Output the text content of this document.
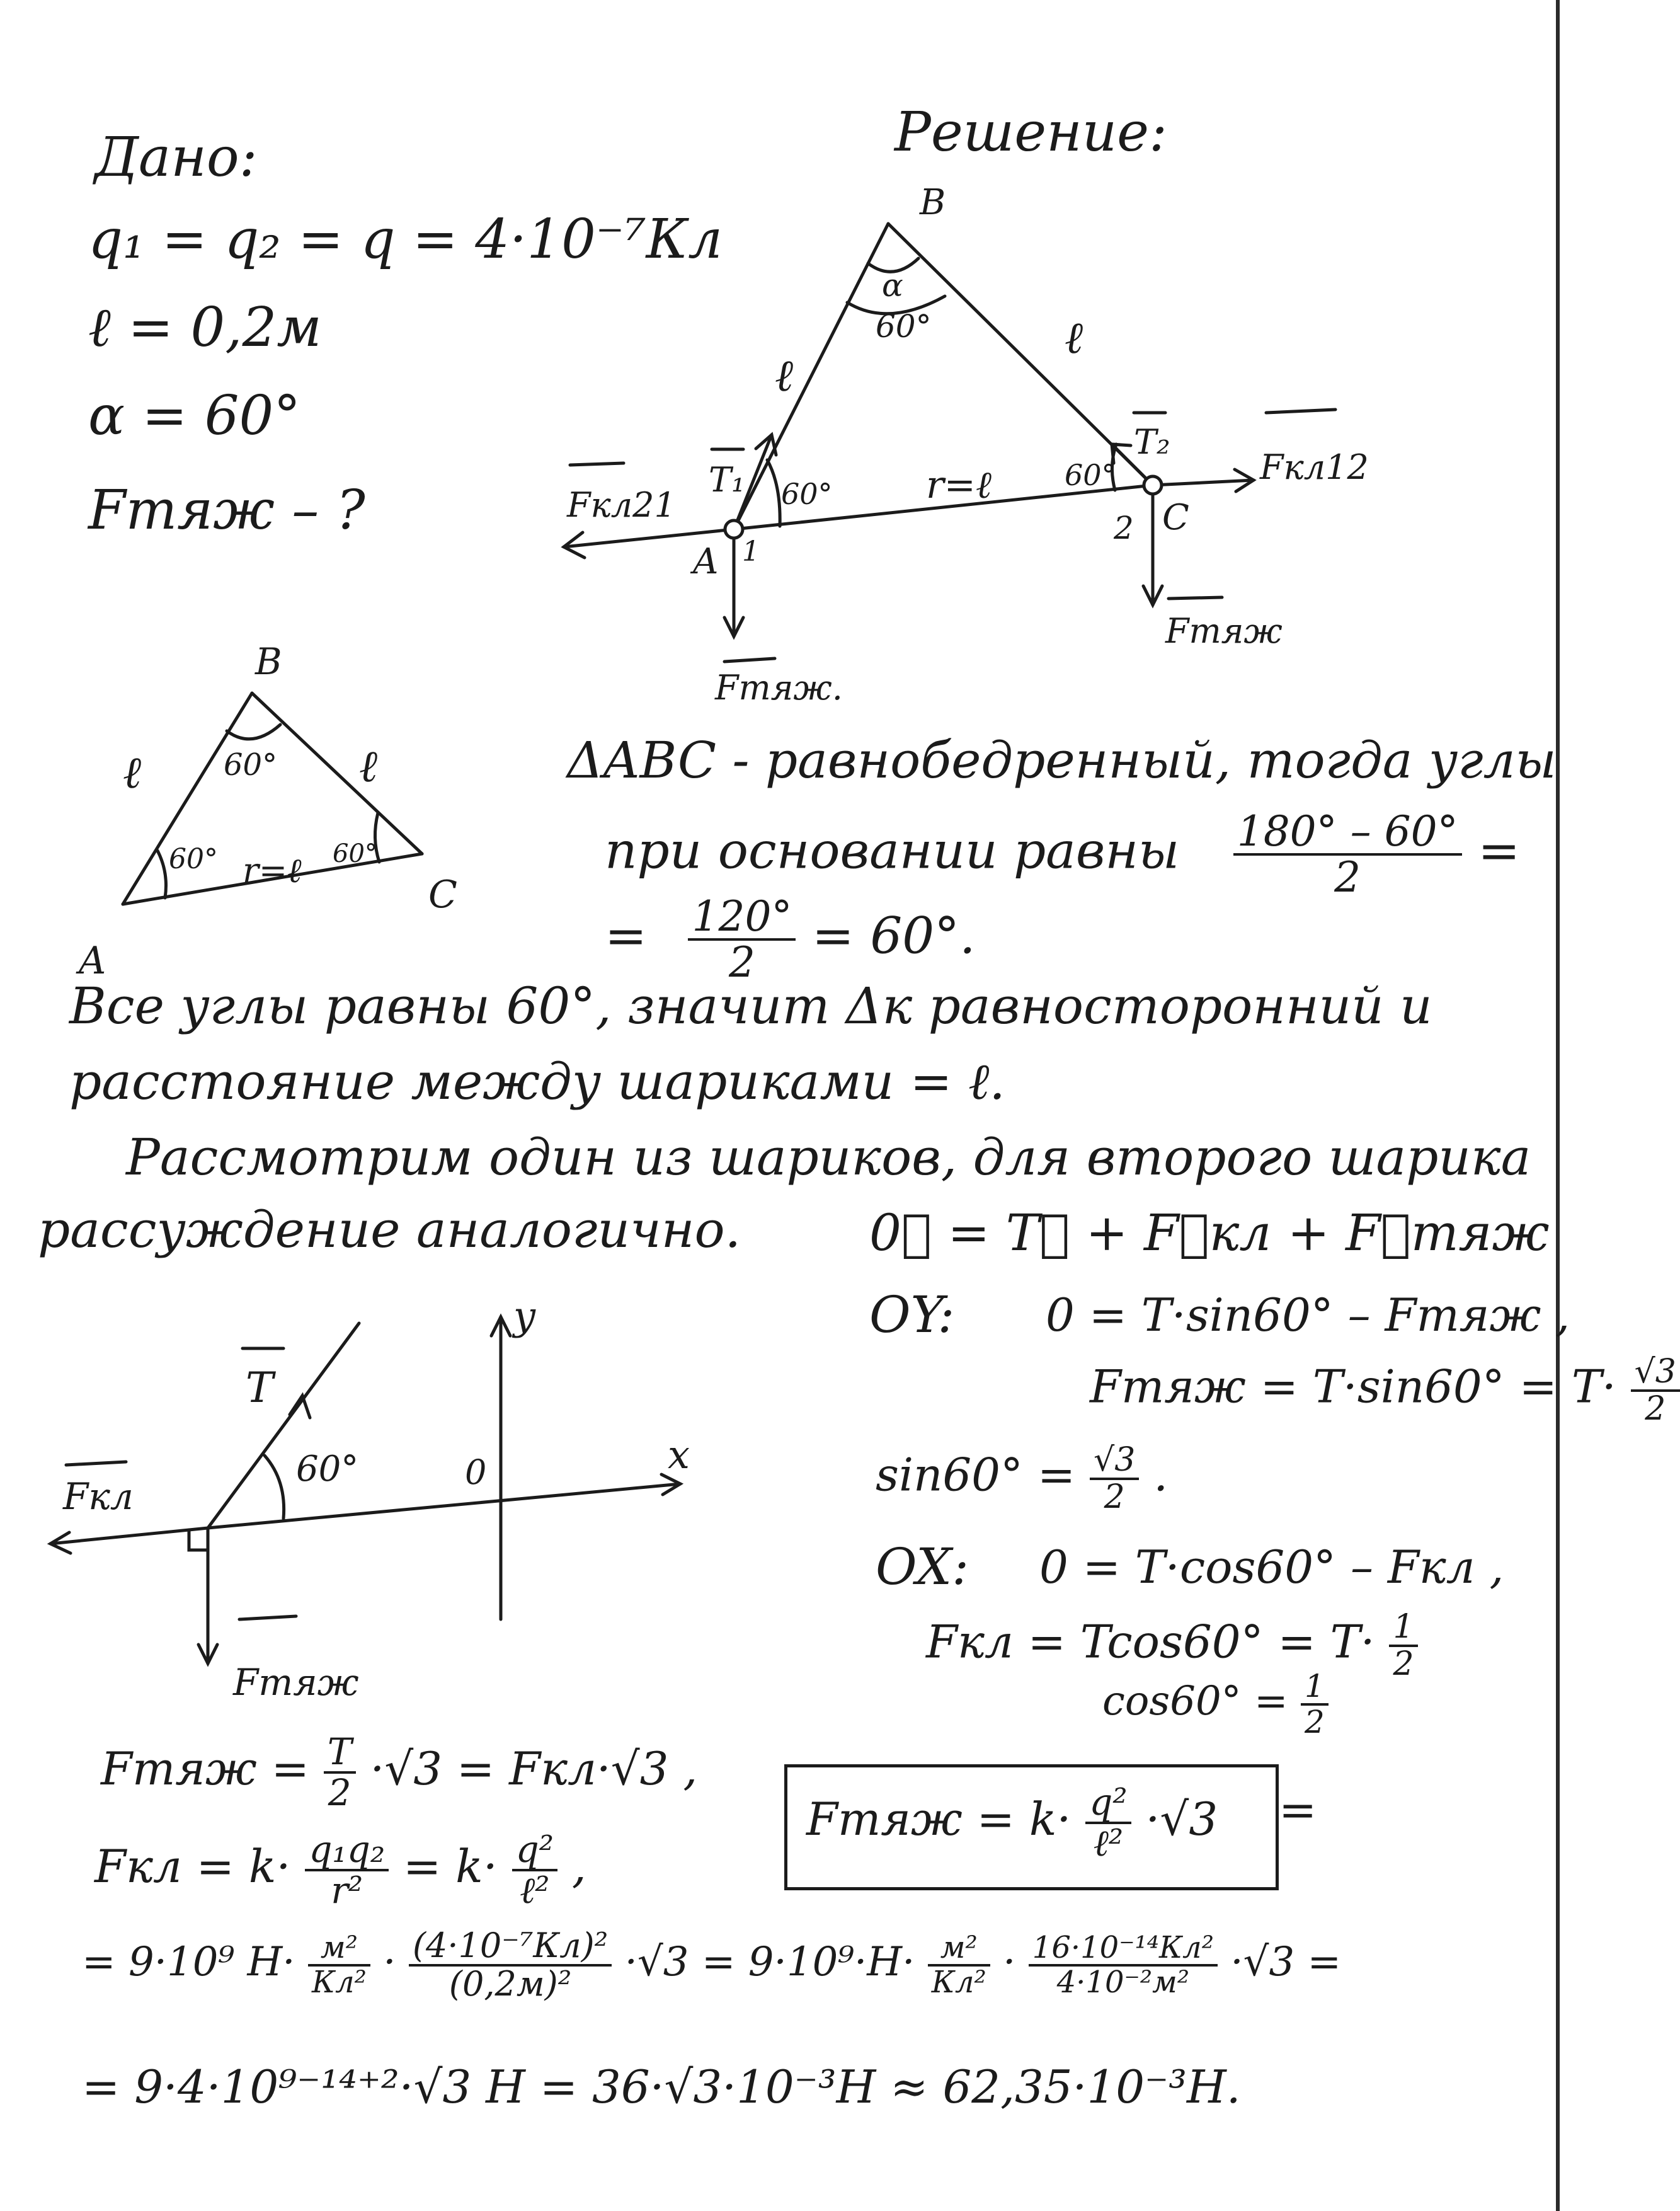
Дано:
q₁ = q₂ = q = 4·10⁻⁷Кл
ℓ = 0,2м
α = 60°
Fтяж – ?
Решение:
B
α
60°
ℓ
ℓ
T₁
T₂
60°
60°
r=ℓ
Fкл21
Fкл12
A 1
2 C
Fтяж.
Fтяж
B
60°
ℓ	ℓ
60° r=ℓ 60°
A
C
ΔABC - равнобедренный, тогда углы
при основании равны $\frac{180^\circ - 60^\circ}{2}$ =
= $\frac{120^\circ}{2} = 60^\circ$.
Все углы равны 60°, значит Δк равносторонний и
расстояние между шариками = ℓ.
Рассмотрим один из шариков, для второго шарика
рассуждение аналогично.
y
x
T
60°	0
Fкл
Fтяж
0⃗ = T⃗ + F⃗кл + F⃗тяж
OY: 0 = T·sin60° – Fтяж ,
Fтяж = $T\cdot\sin 60^\circ = T\cdot \frac{√3}{2}$
$\sin 60^\circ = \frac{√3}{2}$ .
OX: 0 = T·cos60° – Fкл ,
Fкл = $Tcos60^\circ = T\cdot \frac{1}{2}$
$\cos 60^\circ = \frac{1}{2}$
Fтяж = $\frac{T}{2} \cdot√3 = Fкл\cdot√3$ ,
Fкл = $k\cdot \frac{\text{q₁q₂}}{\text{r²}} = k\cdot \frac{\text{q²}}{\text{ℓ²}}$ ,
Fтяж = $k\cdot \frac{\text{q²}}{\text{ℓ²}} \cdot√3$ =
= 9·10⁹ $Н\cdot \frac{\text{м²}}{\text{Кл²}} \cdot \frac{\text{(4·10⁻⁷Кл)²}}{\text{(0,2м)²}} \cdot√3 = 9\cdot 10^9\cdot Н\cdot \frac{\text{м²}}{\text{Кл²}} \cdot \frac{\text{16·10⁻¹⁴Кл²}}{\text{4·10⁻²м²}} \cdot√3$ =
= 9·4·10⁹⁻¹⁴⁺²·√3 Н = 36·√3·10⁻³Н ≈ 62,35·10⁻³Н.
